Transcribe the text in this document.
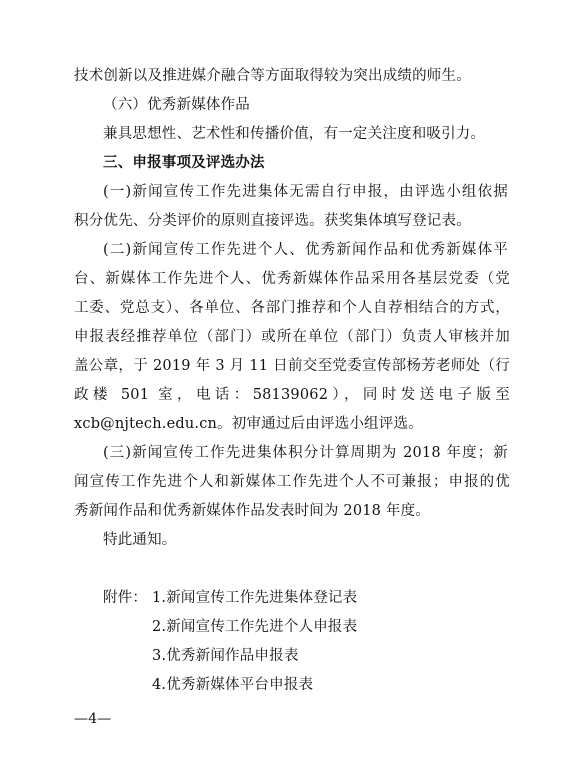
技术创新以及推进媒介融合等方面取得较为突出成绩的师生。
（六）优秀新媒体作品
兼具思想性、艺术性和传播价值，有一定关注度和吸引力。
三、申报事项及评选办法
(一)新闻宣传工作先进集体无需自行申报，由评选小组依据
积分优先、分类评价的原则直接评选。获奖集体填写登记表。
(二)新闻宣传工作先进个人、优秀新闻作品和优秀新媒体平
台、新媒体工作先进个人、优秀新媒体作品采用各基层党委（党
工委、党总支）、各单位、各部门推荐和个人自荐相结合的方式，
申报表经推荐单位（部门）或所在单位（部门）负责人审核并加
盖公章，于 2019 年 3 月 11 日前交至党委宣传部杨芳老师处（行
政楼 501 室，电话：58139062），同时发送电子版至
xcb@njtech.edu.cn。初审通过后由评选小组评选。
(三)新闻宣传工作先进集体积分计算周期为 2018 年度；新
闻宣传工作先进个人和新媒体工作先进个人不可兼报；申报的优
秀新闻作品和优秀新媒体作品发表时间为 2018 年度。
特此通知。
附件： 1.新闻宣传工作先进集体登记表
2.新闻宣传工作先进个人申报表
3.优秀新闻作品申报表
4.优秀新媒体平台申报表
—4—
